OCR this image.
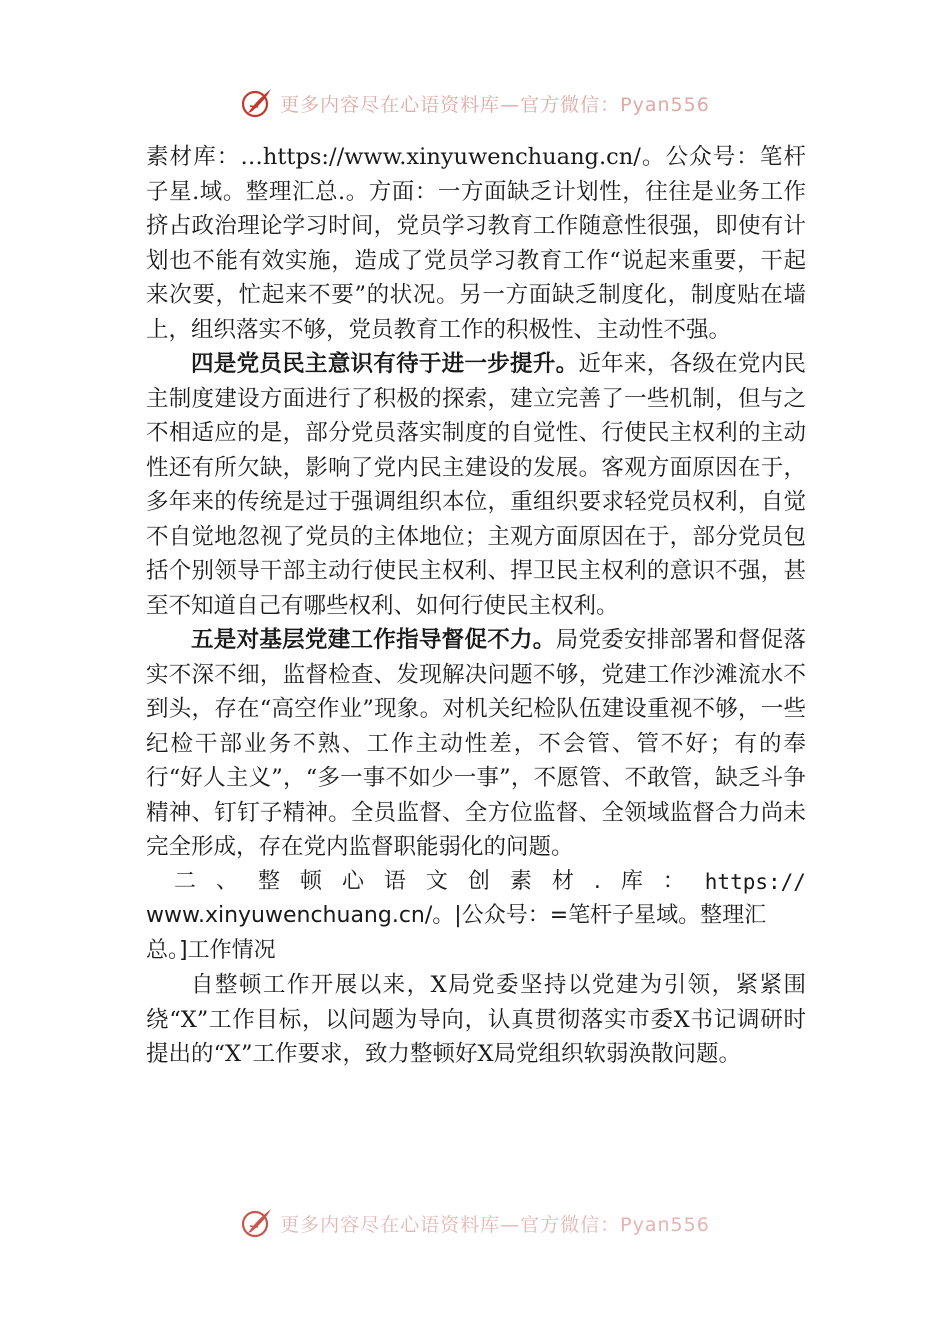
更多内容尽在心语资料库—官方微信：Pyan556

素材库：…https://www.xinyuwenchuang.cn/。公众号：笔杆子星.域。整理汇总.。方面：一方面缺乏计划性，往往是业务工作挤占政治理论学习时间，党员学习教育工作随意性很强，即使有计划也不能有效实施，造成了党员学习教育工作“说起来重要，干起来次要，忙起来不要”的状况。另一方面缺乏制度化，制度贴在墙上，组织落实不够，党员教育工作的积极性、主动性不强。

四是党员民主意识有待于进一步提升。近年来，各级在党内民主制度建设方面进行了积极的探索，建立完善了一些机制，但与之不相适应的是，部分党员落实制度的自觉性、行使民主权利的主动性还有所欠缺，影响了党内民主建设的发展。客观方面原因在于，多年来的传统是过于强调组织本位，重组织要求轻党员权利，自觉不自觉地忽视了党员的主体地位；主观方面原因在于，部分党员包括个别领导干部主动行使民主权利、捍卫民主权利的意识不强，甚至不知道自己有哪些权利、如何行使民主权利。

五是对基层党建工作指导督促不力。局党委安排部署和督促落实不深不细，监督检查、发现解决问题不够，党建工作沙滩流水不到头，存在“高空作业”现象。对机关纪检队伍建设重视不够，一些纪检干部业务不熟、工作主动性差，不会管、管不好；有的奉行“好人主义”，“多一事不如少一事”，不愿管、不敢管，缺乏斗争精神、钉钉子精神。全员监督、全方位监督、全领域监督合力尚未完全形成，存在党内监督职能弱化的问题。

二 、 整 顿 心 语 文 创 素 材 . 库 ： https://
www.xinyuwenchuang.cn/。|公众号：=笔杆子星域。整理汇总。]工作情况

自整顿工作开展以来，X局党委坚持以党建为引领，紧紧围绕“X”工作目标，以问题为导向，认真贯彻落实市委X书记调研时提出的“X”工作要求，致力整顿好X局党组织软弱涣散问题。

更多内容尽在心语资料库—官方微信：Pyan556
